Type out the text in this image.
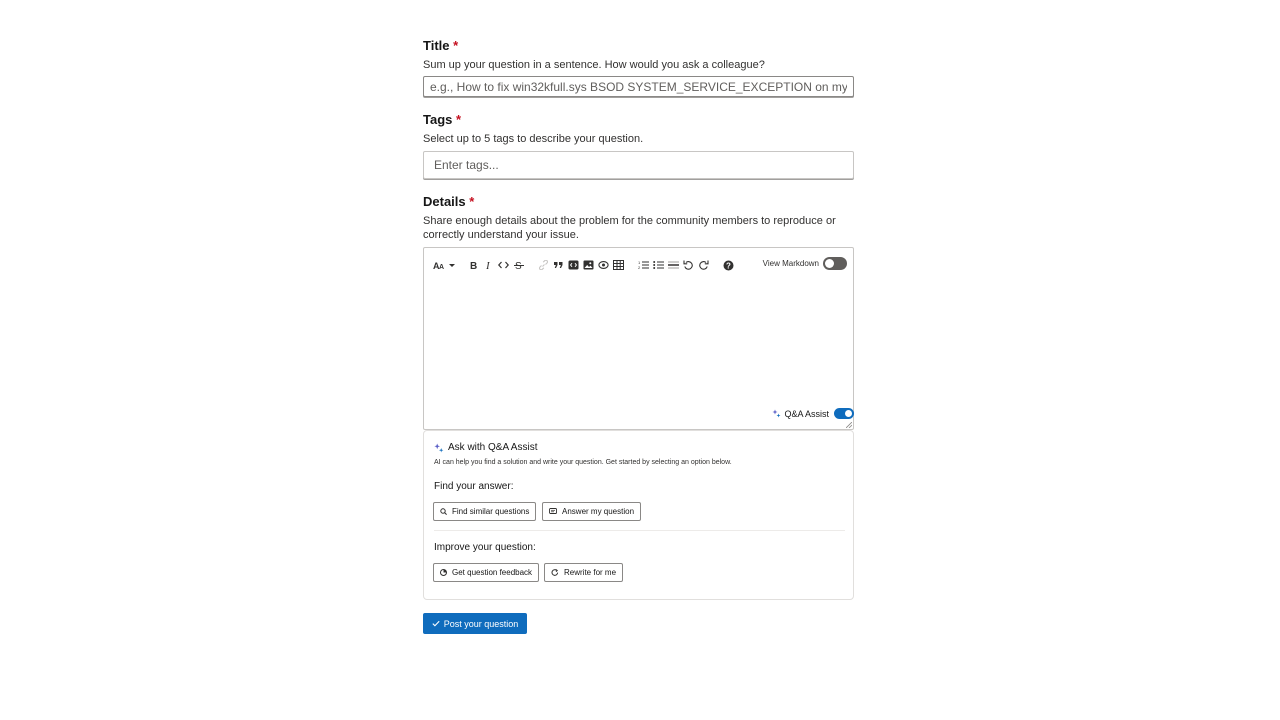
Title *
Sum up your question in a sentence. How would you ask a colleague?
e.g., How to fix win32kfull.sys BSOD SYSTEM_SERVICE_EXCEPTION on my Windows PC?
Tags *
Select up to 5 tags to describe your question.
Enter tags...
Details *
Share enough details about the problem for the community members to reproduce or correctly understand your issue.
A A	B I S	1
2	?	View Markdown
Q&A Assist
Ask with Q&A Assist
AI can help you find a solution and write your question. Get started by selecting an option below.
Find your answer:
Find similar questions	Answer my question
Improve your question:
Get question feedback	Rewrite for me
Post your question
